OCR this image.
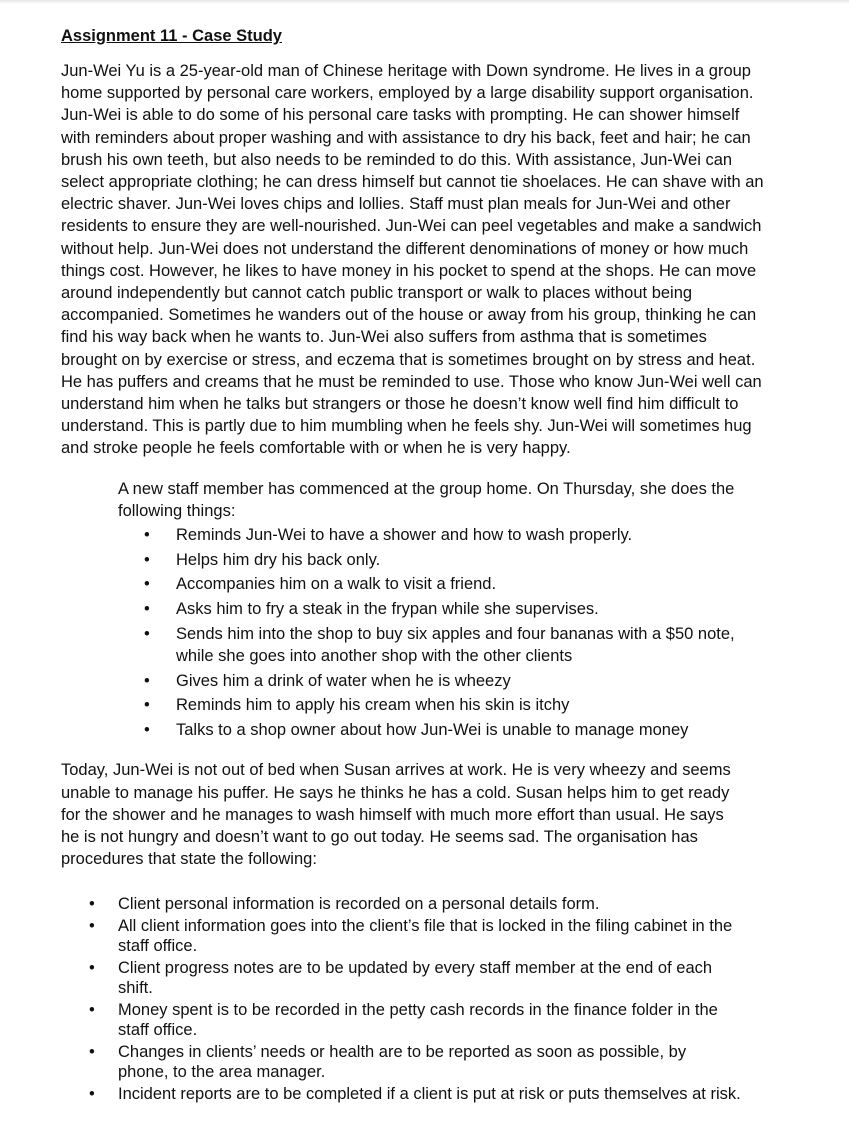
Assignment 11 - Case Study

Jun-Wei Yu is a 25-year-old man of Chinese heritage with Down syndrome. He lives in a group

home supported by personal care workers, employed by a large disability support organisation.

Jun-Wei is able to do some of his personal care tasks with prompting. He can shower himself

with reminders about proper washing and with assistance to dry his back, feet and hair; he can

brush his own teeth, but also needs to be reminded to do this. With assistance, Jun-Wei can

select appropriate clothing; he can dress himself but cannot tie shoelaces. He can shave with an

electric shaver. Jun-Wei loves chips and lollies. Staff must plan meals for Jun-Wei and other

residents to ensure they are well-nourished. Jun-Wei can peel vegetables and make a sandwich

without help. Jun-Wei does not understand the different denominations of money or how much

things cost. However, he likes to have money in his pocket to spend at the shops. He can move

around independently but cannot catch public transport or walk to places without being

accompanied. Sometimes he wanders out of the house or away from his group, thinking he can

find his way back when he wants to. Jun-Wei also suffers from asthma that is sometimes

brought on by exercise or stress, and eczema that is sometimes brought on by stress and heat.

He has puffers and creams that he must be reminded to use. Those who know Jun-Wei well can

understand him when he talks but strangers or those he doesn’t know well find him difficult to

understand. This is partly due to him mumbling when he feels shy. Jun-Wei will sometimes hug

and stroke people he feels comfortable with or when he is very happy.

A new staff member has commenced at the group home. On Thursday, she does the

following things:

• Reminds Jun-Wei to have a shower and how to wash properly.
• Helps him dry his back only.
• Accompanies him on a walk to visit a friend.
• Asks him to fry a steak in the frypan while she supervises.
• Sends him into the shop to buy six apples and four bananas with a $50 note,
while she goes into another shop with the other clients
• Gives him a drink of water when he is wheezy
• Reminds him to apply his cream when his skin is itchy
• Talks to a shop owner about how Jun-Wei is unable to manage money

Today, Jun-Wei is not out of bed when Susan arrives at work. He is very wheezy and seems

unable to manage his puffer. He says he thinks he has a cold. Susan helps him to get ready

for the shower and he manages to wash himself with much more effort than usual. He says

he is not hungry and doesn’t want to go out today. He seems sad. The organisation has

procedures that state the following:

• Client personal information is recorded on a personal details form.
• All client information goes into the client’s file that is locked in the filing cabinet in the
staff office.
• Client progress notes are to be updated by every staff member at the end of each
shift.
• Money spent is to be recorded in the petty cash records in the finance folder in the
staff office.
• Changes in clients’ needs or health are to be reported as soon as possible, by
phone, to the area manager.
• Incident reports are to be completed if a client is put at risk or puts themselves at risk.
